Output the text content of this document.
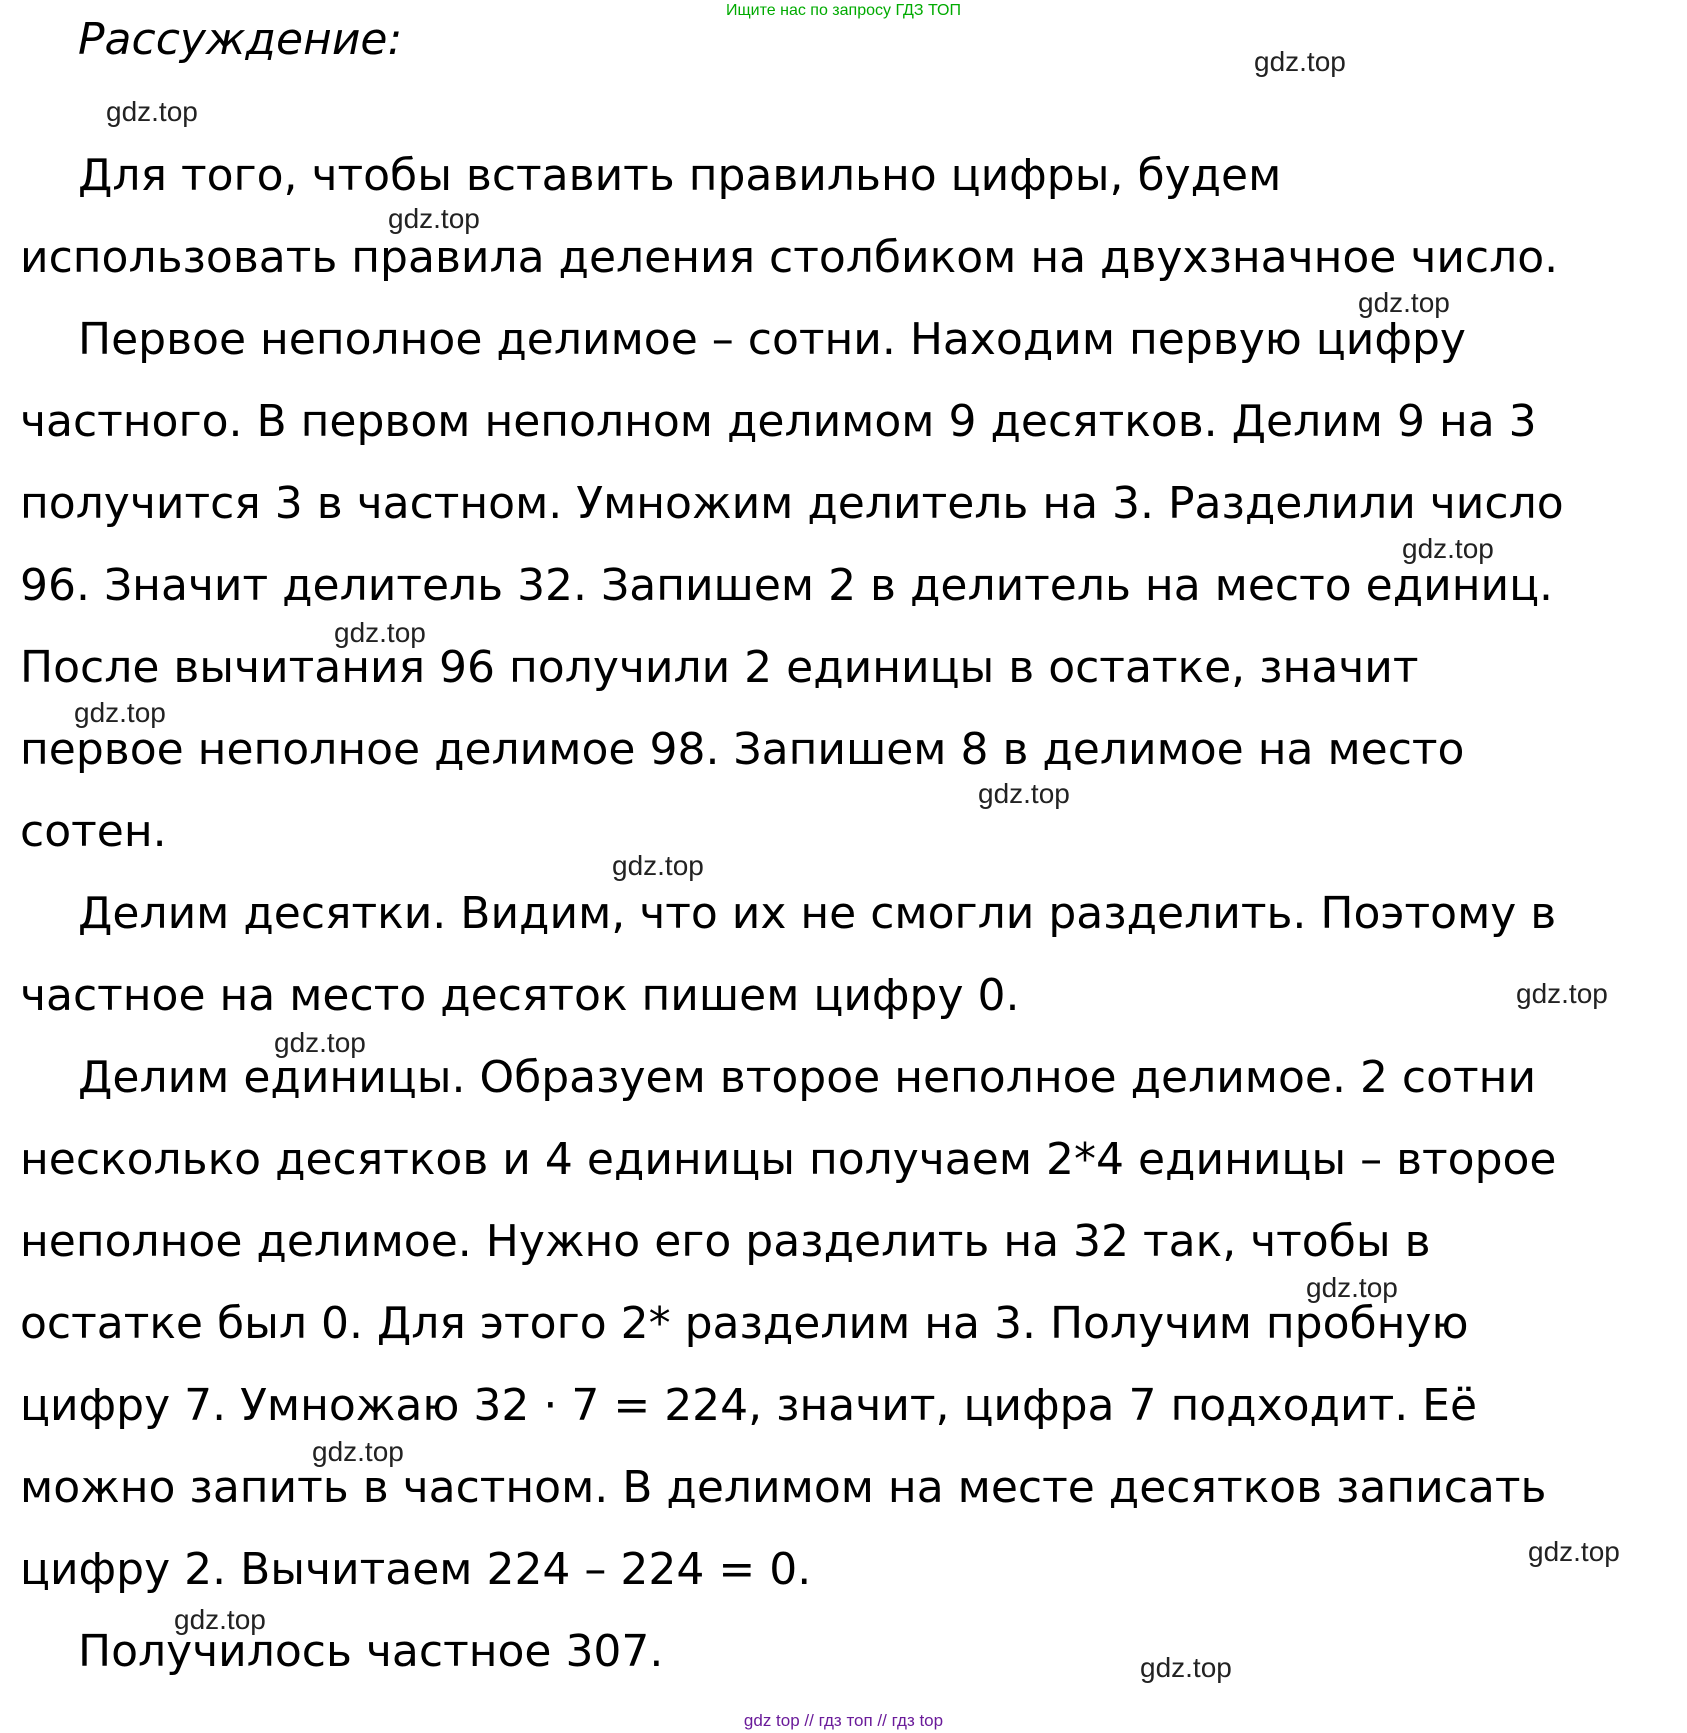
Ищите нас по запросу ГДЗ ТОП
Рассуждение:
Для того, чтобы вставить правильно цифры, будем
использовать правила деления столбиком на двухзначное число.
Первое неполное делимое – сотни. Находим первую цифру
частного. В первом неполном делимом 9 десятков. Делим 9 на 3
получится 3 в частном. Умножим делитель на 3. Разделили число
96. Значит делитель 32. Запишем 2 в делитель на место единиц.
После вычитания 96 получили 2 единицы в остатке, значит
первое неполное делимое 98. Запишем 8 в делимое на место
сотен.
Делим десятки. Видим, что их не смогли разделить. Поэтому в
частное на место десяток пишем цифру 0.
Делим единицы. Образуем второе неполное делимое. 2 сотни
несколько десятков и 4 единицы получаем 2*4 единицы – второе
неполное делимое. Нужно его разделить на 32 так, чтобы в
остатке был 0. Для этого 2* разделим на 3. Получим пробную
цифру 7. Умножаю 32 · 7 = 224, значит, цифра 7 подходит. Её
можно запить в частном. В делимом на месте десятков записать
цифру 2. Вычитаем 224 – 224 = 0.
Получилось частное 307.
gdz.top
gdz.top
gdz.top
gdz.top
gdz.top
gdz.top
gdz.top
gdz.top
gdz.top
gdz.top
gdz.top
gdz.top
gdz.top
gdz.top
gdz.top
gdz.top
gdz top // гдз топ // гдз top
